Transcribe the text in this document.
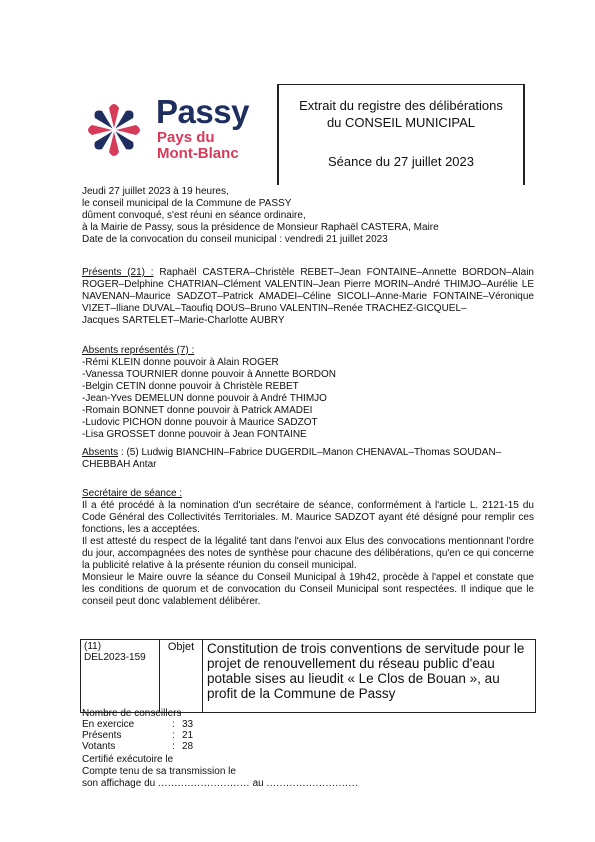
Passy
Pays du
Mont-Blanc
Extrait du registre des délibérations
du CONSEIL MUNICIPAL
Séance du 27 juillet 2023
Jeudi 27 juillet 2023 à 19 heures,
le conseil municipal de la Commune de PASSY
dûment convoqué, s'est réuni en séance ordinaire,
à la Mairie de Passy, sous la présidence de Monsieur Raphaël CASTERA, Maire
Date de la convocation du conseil municipal : vendredi 21 juillet 2023
Présents (21) : Raphaël CASTERA–Christèle REBET–Jean FONTAINE–Annette BORDON–Alain ROGER–Delphine CHATRIAN–Clément VALENTIN–Jean Pierre MORIN–André THIMJO–Aurélie LE NAVENAN–Maurice SADZOT–Patrick AMADEI–Céline SICOLI–Anne-Marie FONTAINE–Véronique VIZET–Iliane DUVAL–Taoufiq DOUS–Bruno VALENTIN–Renée TRACHEZ-GICQUEL–
Jacques SARTELET–Marie-Charlotte AUBRY
Absents représentés (7) :
-Rémi KLEIN donne pouvoir à Alain ROGER
-Vanessa TOURNIER donne pouvoir à Annette BORDON
-Belgin CETIN donne pouvoir à Christèle REBET
-Jean-Yves DEMELUN donne pouvoir à André THIMJO
-Romain BONNET donne pouvoir à Patrick AMADEI
-Ludovic PICHON donne pouvoir à Maurice SADZOT
-Lisa GROSSET donne pouvoir à Jean FONTAINE
Absents : (5) Ludwig BIANCHIN–Fabrice DUGERDIL–Manon CHENAVAL–Thomas SOUDAN–CHEBBAH Antar
Secrétaire de séance :
Il a été procédé à la nomination d'un secrétaire de séance, conformément à l'article L. 2121-15 du Code Général des Collectivités Territoriales. M. Maurice SADZOT ayant été désigné pour remplir ces fonctions, les a acceptées.
Il est attesté du respect de la légalité tant dans l'envoi aux Elus des convocations mentionnant l'ordre du jour, accompagnées des notes de synthèse pour chacune des délibérations, qu'en ce qui concerne la publicité relative à la présente réunion du conseil municipal.
Monsieur le Maire ouvre la séance du Conseil Municipal à 19h42, procède à l'appel et constate que les conditions de quorum et de convocation du Conseil Municipal sont respectées. Il indique que le conseil peut donc valablement délibérer.
(11)
DEL2023-159
	Objet	Constitution de trois conventions de servitude pour le projet de renouvellement du réseau public d'eau potable sises au lieudit « Le Clos de Bouan », au profit de la Commune de Passy
Nombre de conseillers
En exercice	: 33
Présents	: 21
Votants	: 28
Certifié exécutoire le
Compte tenu de sa transmission le
son affichage du ............................ au ............................
